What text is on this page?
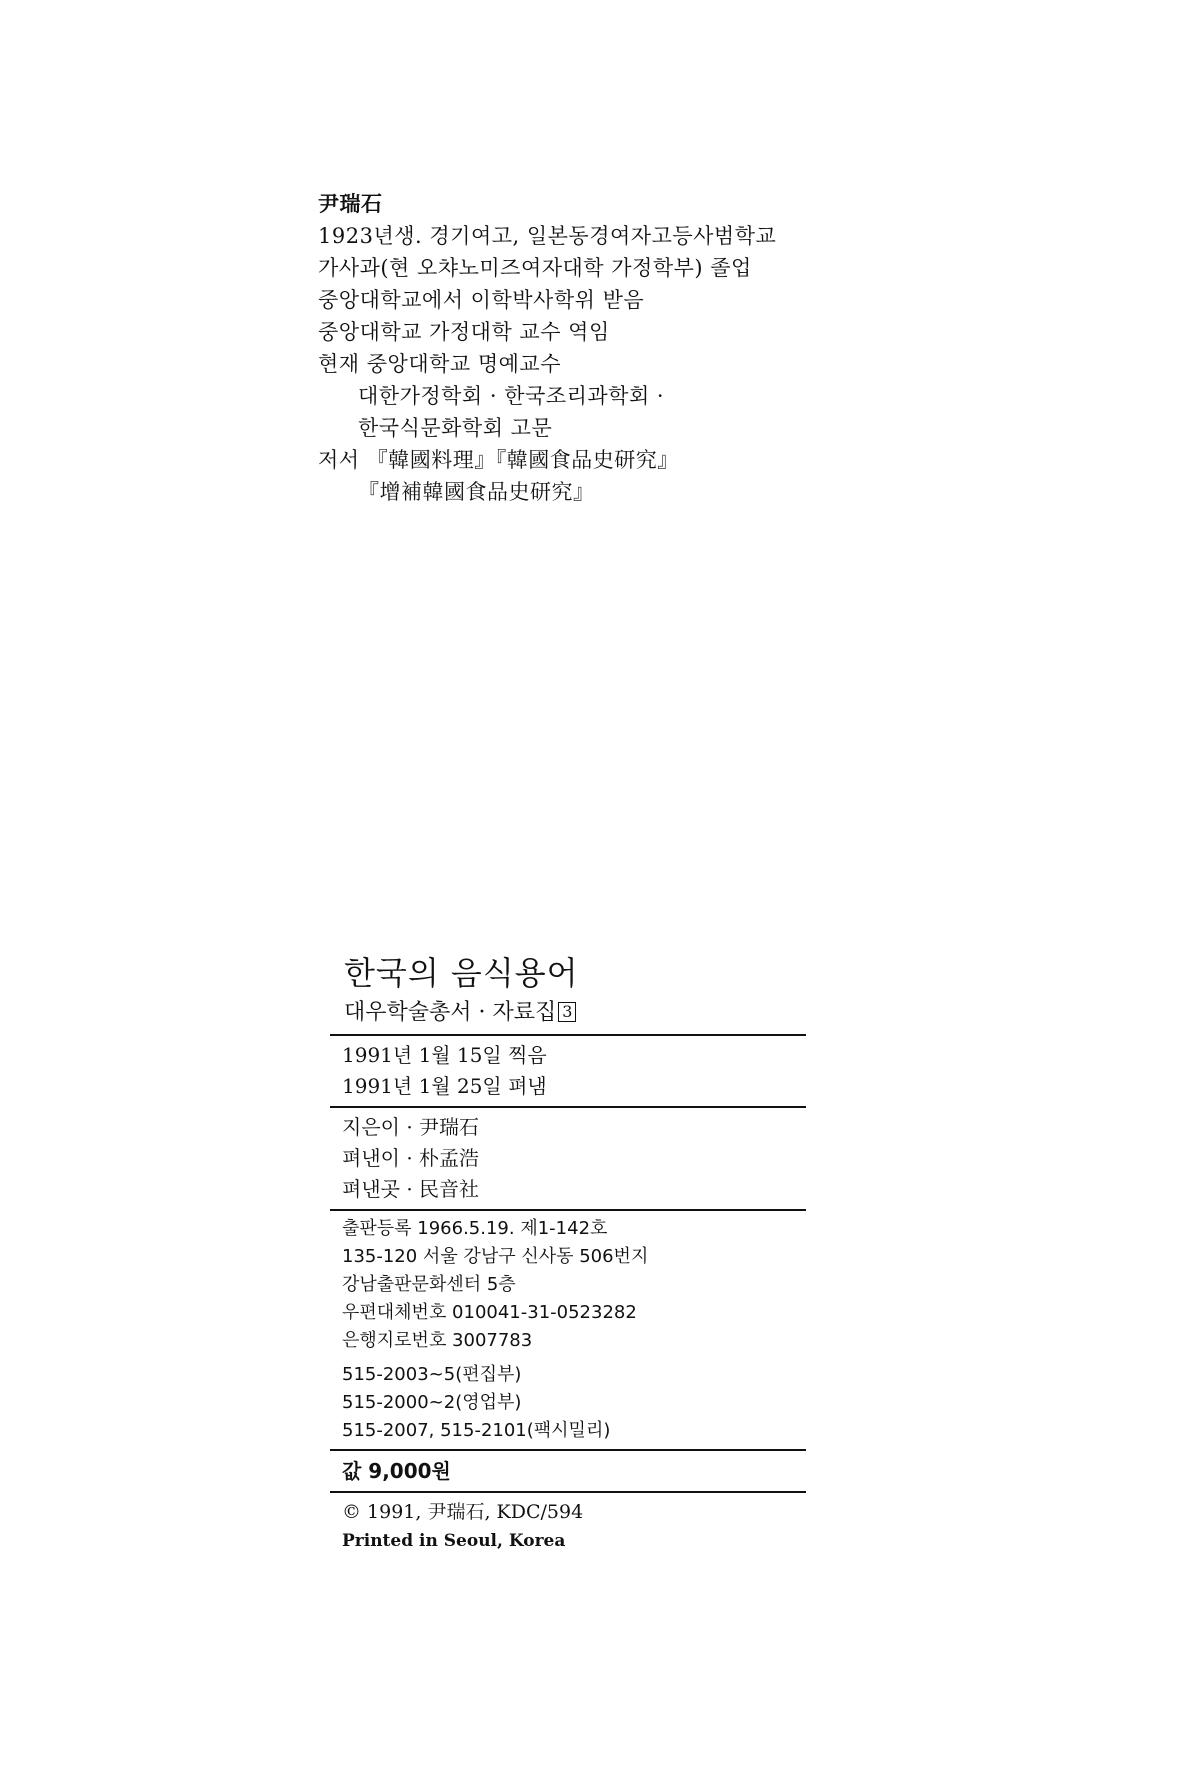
尹瑞石
1923년생. 경기여고, 일본동경여자고등사범학교
가사과(현 오챠노미즈여자대학 가정학부) 졸업
중앙대학교에서 이학박사학위 받음
중앙대학교 가정대학 교수 역임
현재 중앙대학교 명예교수
대한가정학회 · 한국조리과학회 ·
한국식문화학회 고문
저서 『韓國料理』『韓國食品史研究』
『增補韓國食品史研究』
한국의 음식용어
대우학술총서 · 자료집 3
1991년 1월 15일 찍음
1991년 1월 25일 펴냄
지은이 · 尹瑞石
펴낸이 · 朴孟浩
펴낸곳 · 民音社
출판등록 1966.5.19. 제1-142호
135-120 서울 강남구 신사동 506번지
강남출판문화센터 5층
우편대체번호 010041-31-0523282
은행지로번호 3007783
515-2003~5(편집부)
515-2000~2(영업부)
515-2007, 515-2101(팩시밀리)
값 9,000원
© 1991, 尹瑞石, KDC/594
Printed in Seoul, Korea
